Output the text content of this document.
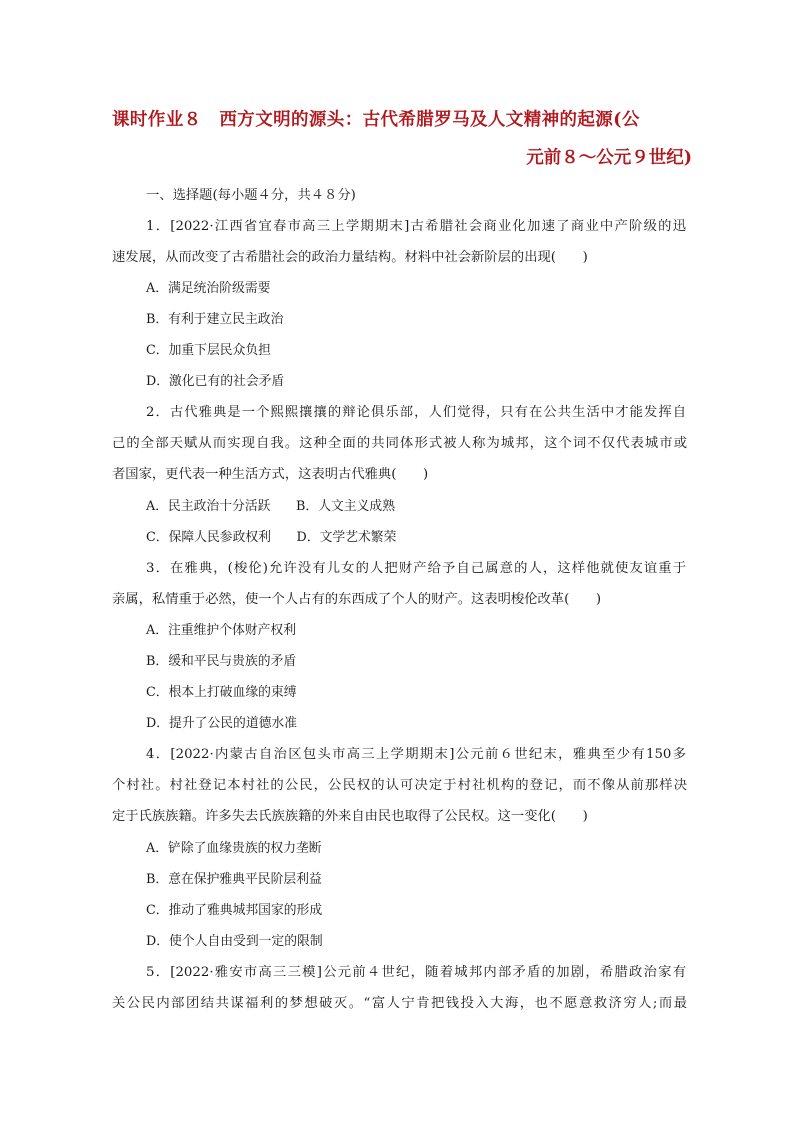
课时作业８　西方文明的源头：古代希腊罗马及人文精神的起源(公
元前８～公元９世纪)
一、选择题(每小题４分，共４８分)
1．[2022·江西省宜春市高三上学期期末]古希腊社会商业化加速了商业中产阶级的迅
速发展，从而改变了古希腊社会的政治力量结构。材料中社会新阶层的出现(　　)
A．满足统治阶级需要
B．有利于建立民主政治
C．加重下层民众负担
D．激化已有的社会矛盾
2．古代雅典是一个熙熙攘攘的辩论俱乐部，人们觉得，只有在公共生活中才能发挥自
己的全部天赋从而实现自我。这种全面的共同体形式被人称为城邦，这个词不仅代表城市或
者国家，更代表一种生活方式，这表明古代雅典(　　)
A．民主政治十分活跃　　B．人文主义成熟
C．保障人民参政权利　　D．文学艺术繁荣
3．在雅典，(梭伦)允许没有儿女的人把财产给予自己属意的人，这样他就使友谊重于
亲属，私情重于必然，使一个人占有的东西成了个人的财产。这表明梭伦改革(　　)
A．注重维护个体财产权利
B．缓和平民与贵族的矛盾
C．根本上打破血缘的束缚
D．提升了公民的道德水准
4．[2022·内蒙古自治区包头市高三上学期期末]公元前６世纪末，雅典至少有150多
个村社。村社登记本村社的公民，公民权的认可决定于村社机构的登记，而不像从前那样决
定于氏族族籍。许多失去氏族族籍的外来自由民也取得了公民权。这一变化(　　)
A．铲除了血缘贵族的权力垄断
B．意在保护雅典平民阶层利益
C．推动了雅典城邦国家的形成
D．使个人自由受到一定的限制
5．[2022·雅安市高三三模]公元前４世纪，随着城邦内部矛盾的加剧，希腊政治家有
关公民内部团结共谋福利的梦想破灭。“富人宁肯把钱投入大海，也不愿意救济穷人;而最
